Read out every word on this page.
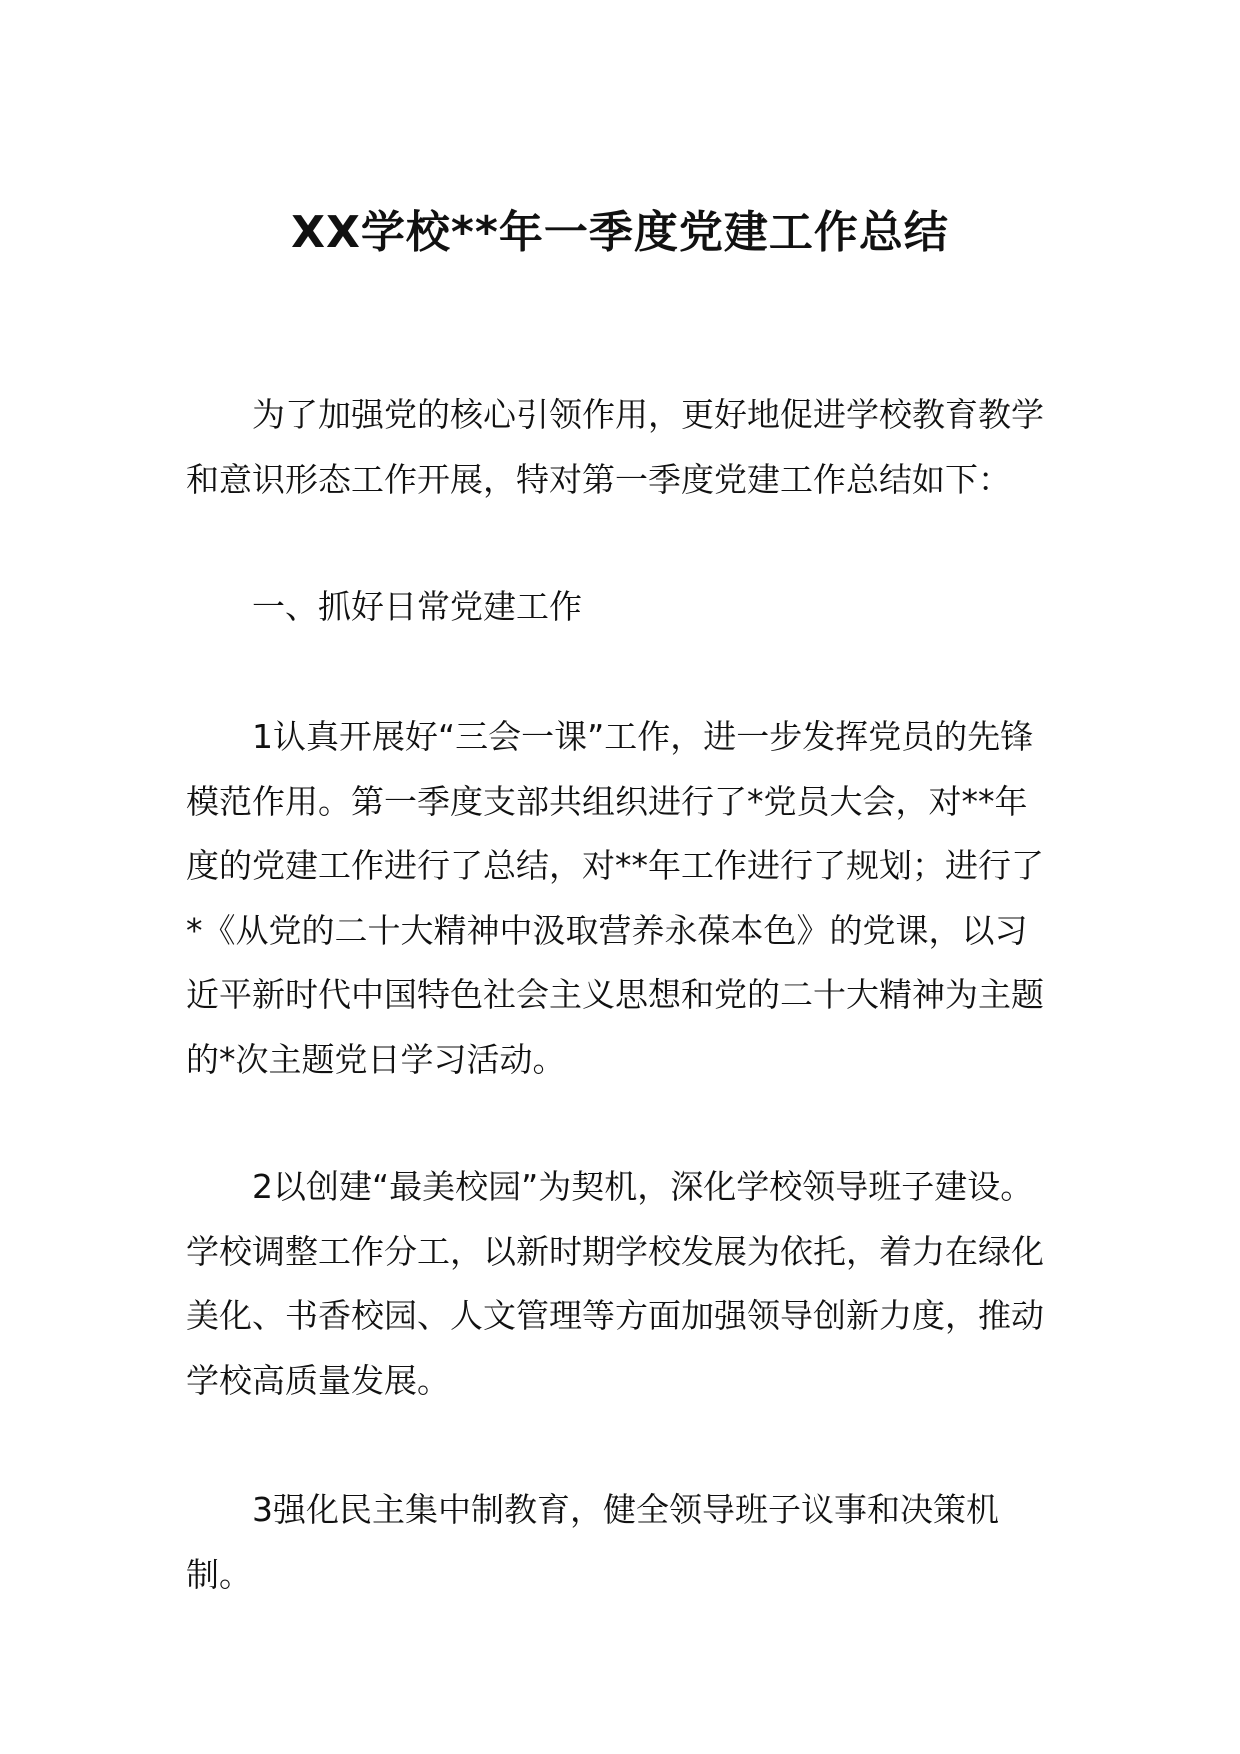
XX学校**年一季度党建工作总结

为了加强党的核心引领作用，更好地促进学校教育教学和意识形态工作开展，特对第一季度党建工作总结如下：

一、抓好日常党建工作

1认真开展好“三会一课”工作，进一步发挥党员的先锋模范作用。第一季度支部共组织进行了*党员大会，对**年度的党建工作进行了总结，对**年工作进行了规划；进行了*《从党的二十大精神中汲取营养永葆本色》的党课，以习近平新时代中国特色社会主义思想和党的二十大精神为主题的*次主题党日学习活动。

2以创建“最美校园”为契机，深化学校领导班子建设。学校调整工作分工，以新时期学校发展为依托，着力在绿化美化、书香校园、人文管理等方面加强领导创新力度，推动学校高质量发展。

3强化民主集中制教育，健全领导班子议事和决策机制。
